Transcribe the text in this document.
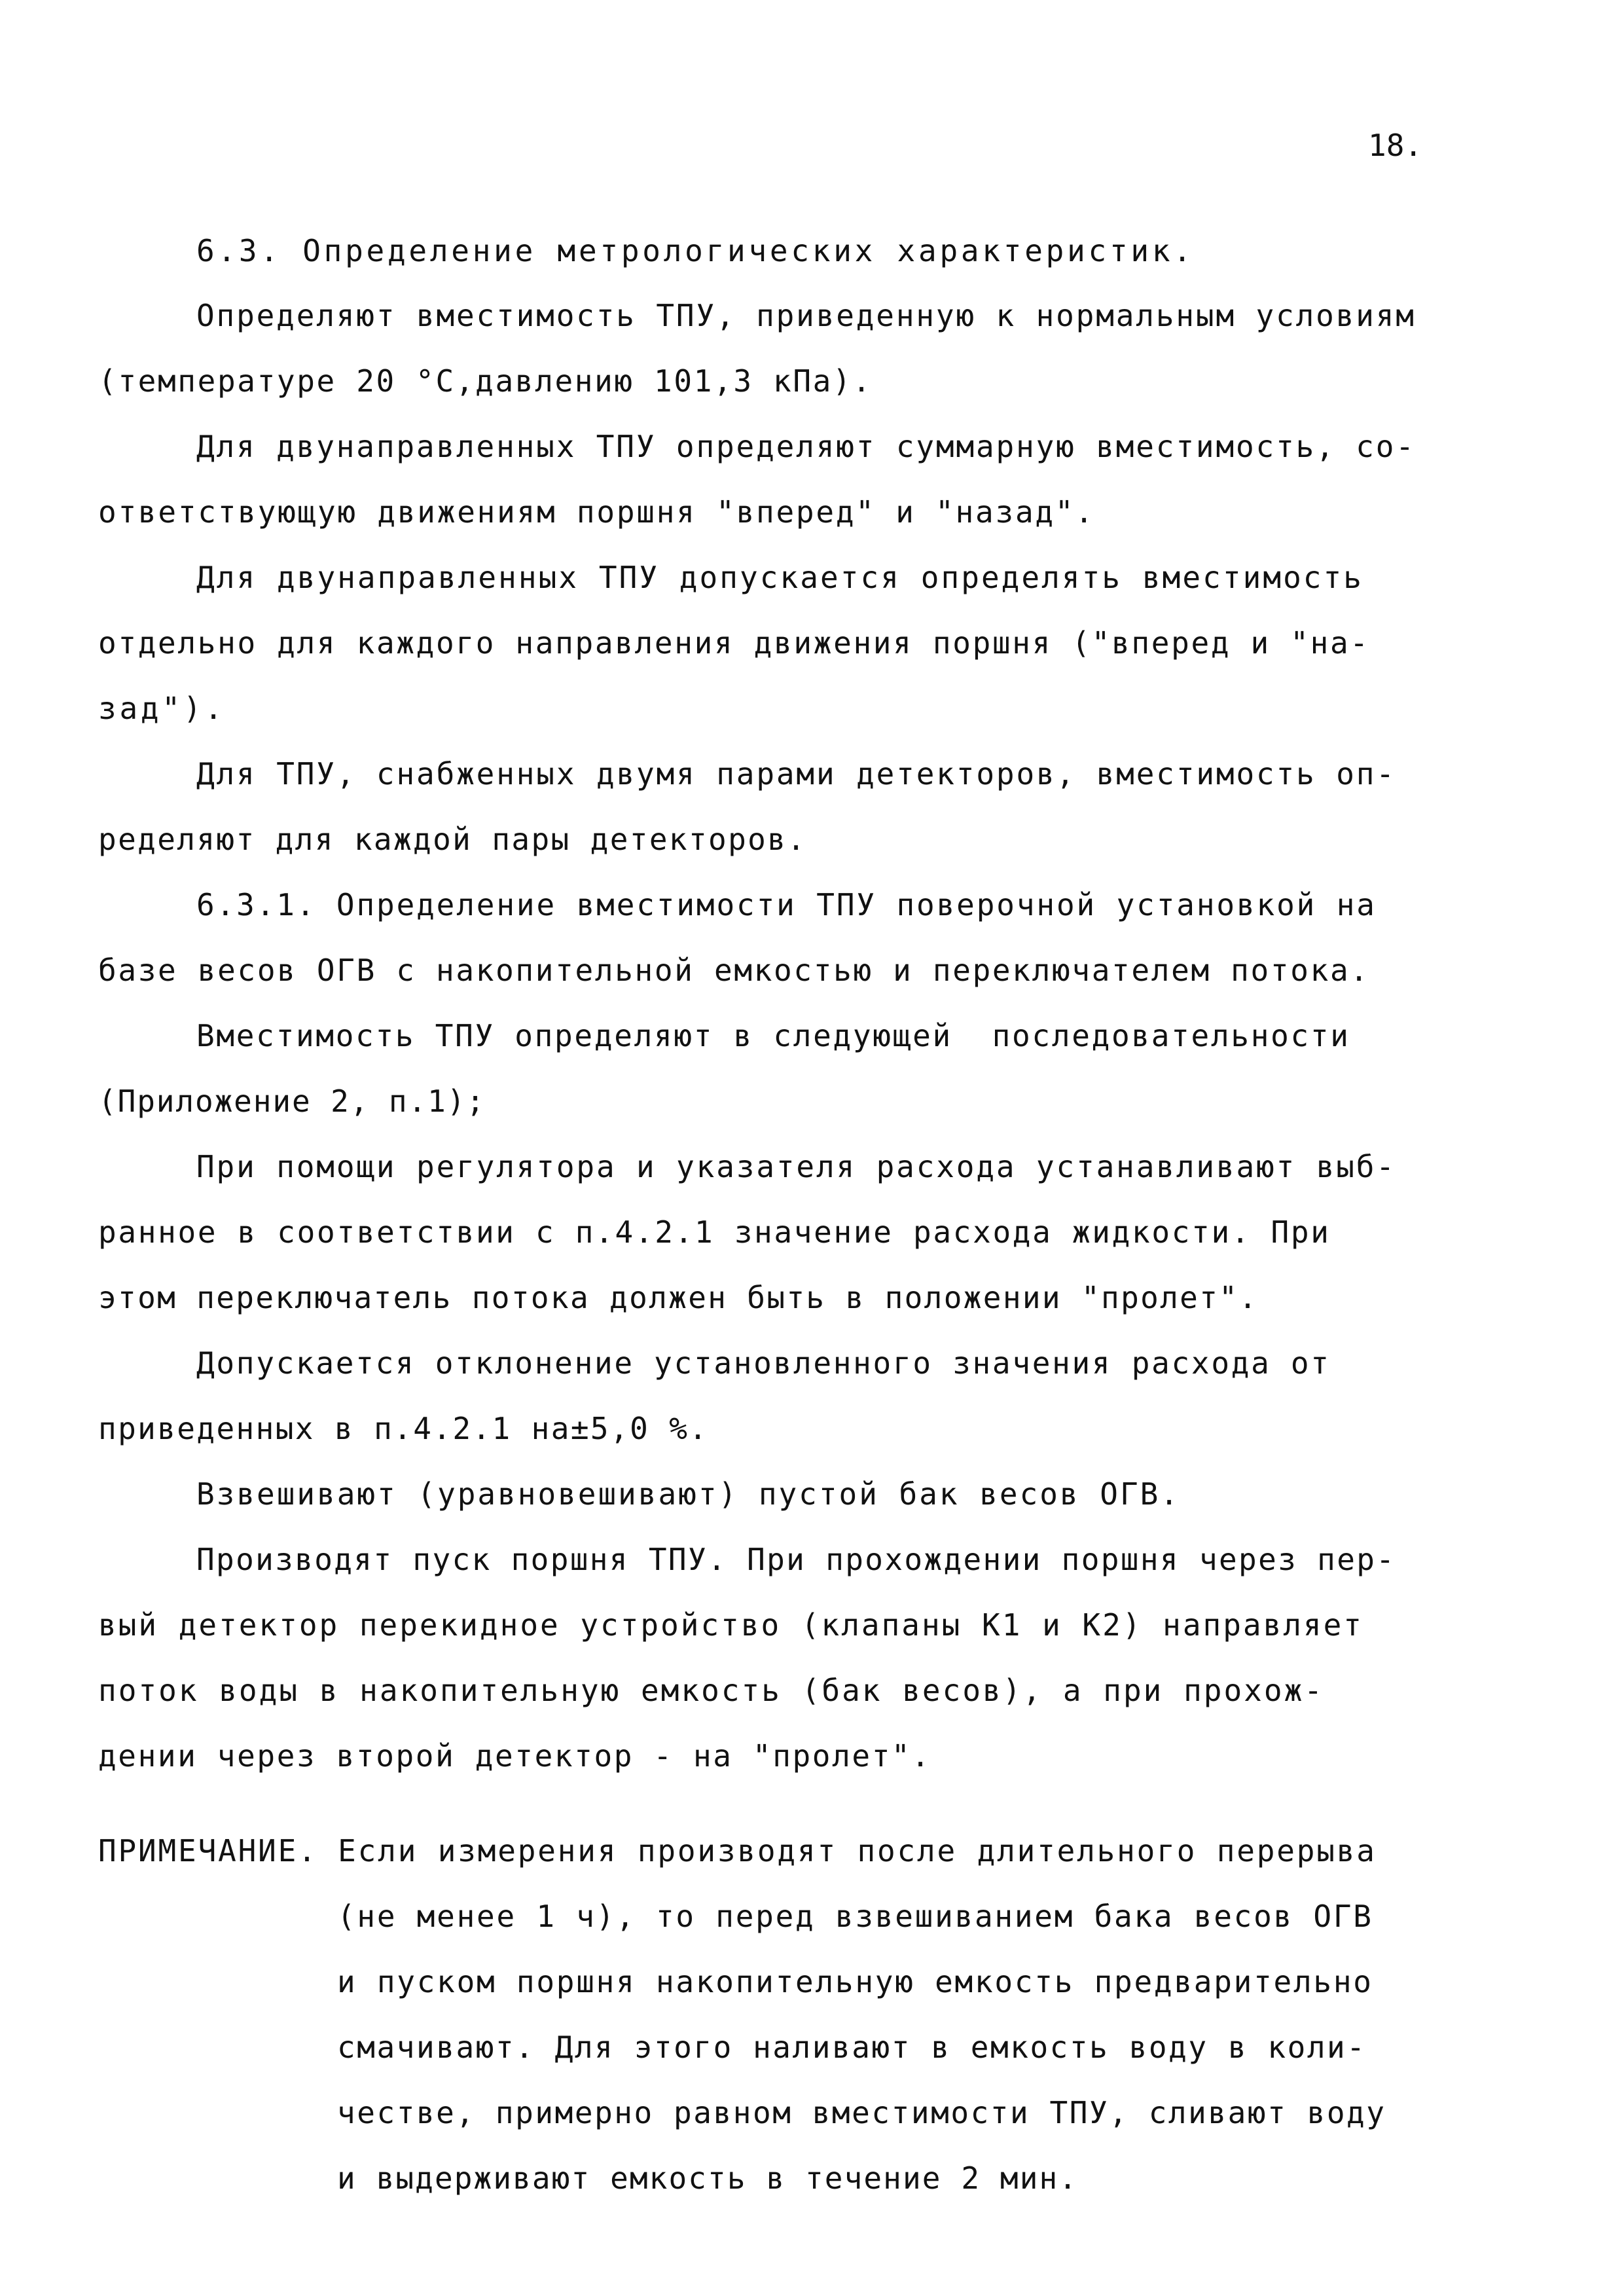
18.
6.3. Определение метрологических характеристик.
Определяют вместимость ТПУ, приведенную к нормальным условиям
(температуре 20 °С,давлению 101,3 кПа).
Для двунаправленных ТПУ определяют суммарную вместимость, со-
ответствующую движениям поршня "вперед" и "назад".
Для двунаправленных ТПУ допускается определять вместимость
отдельно для каждого направления движения поршня ("вперед и "на-
зад").
Для ТПУ, снабженных двумя парами детекторов, вместимость оп-
ределяют для каждой пары детекторов.
6.3.1. Определение вместимости ТПУ поверочной установкой на
базе весов ОГВ с накопительной емкостью и переключателем потока.
Вместимость ТПУ определяют в следующей  последовательности
(Приложение 2, п.1);
При помощи регулятора и указателя расхода устанавливают выб-
ранное в соответствии с п.4.2.1 значение расхода жидкости. При
этом переключатель потока должен быть в положении "пролет".
Допускается отклонение установленного значения расхода от
приведенных в п.4.2.1 на±5,0 %.
Взвешивают (уравновешивают) пустой бак весов ОГВ.
Производят пуск поршня ТПУ. При прохождении поршня через пер-
вый детектор перекидное устройство (клапаны К1 и К2) направляет
поток воды в накопительную емкость (бак весов), а при прохож-
дении через второй детектор - на "пролет".
ПРИМЕЧАНИЕ. Если измерения производят после длительного перерыва
(не менее 1 ч), то перед взвешиванием бака весов ОГВ
и пуском поршня накопительную емкость предварительно
смачивают. Для этого наливают в емкость воду в коли-
честве, примерно равном вместимости ТПУ, сливают воду
и выдерживают емкость в течение 2 мин.
